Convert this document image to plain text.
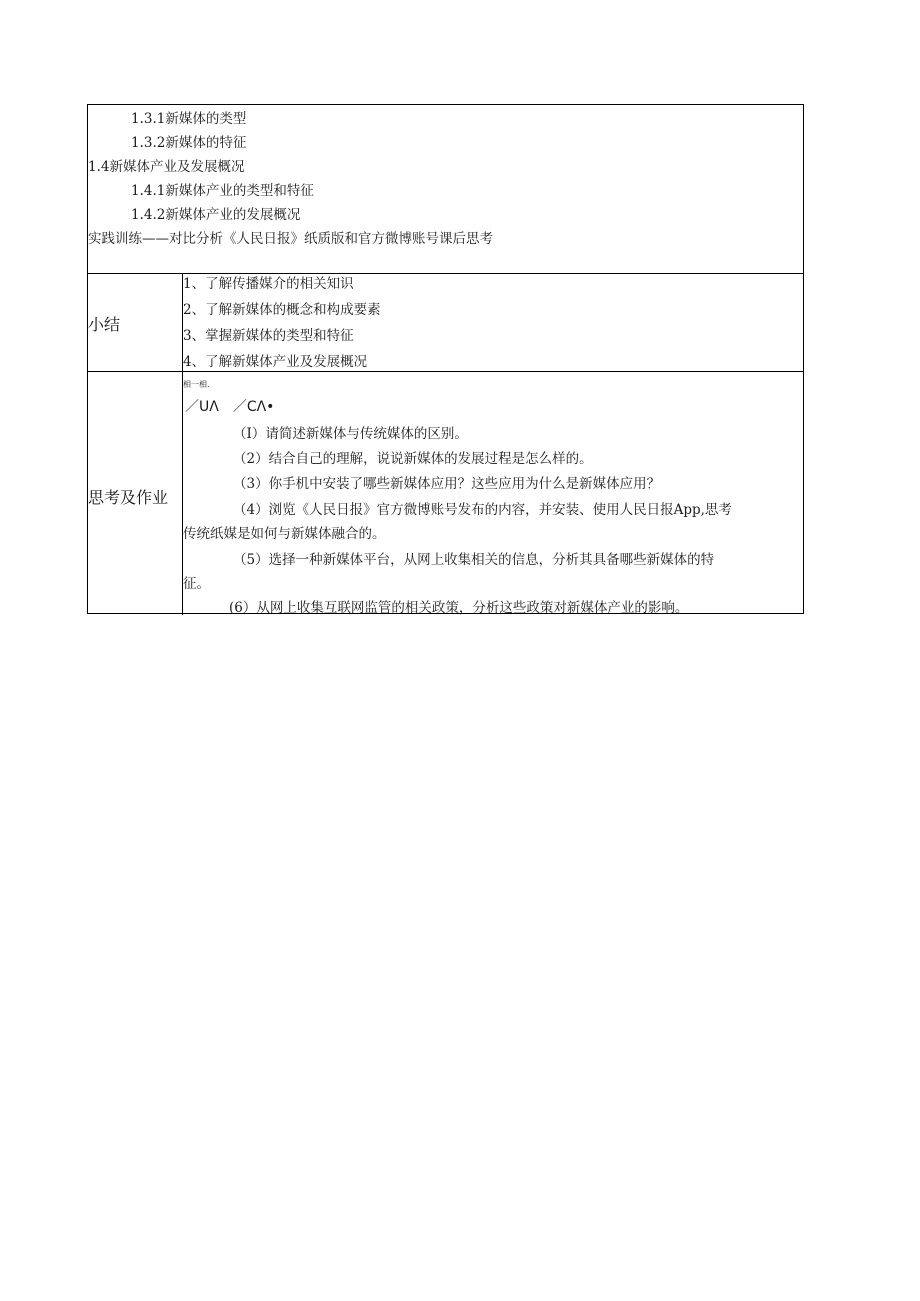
1.3.1新媒体的类型
1.3.2新媒体的特征
1.4新媒体产业及发展概况
1.4.1新媒体产业的类型和特征
1.4.2新媒体产业的发展概况
实践训练——对比分析《人民日报》纸质版和官方微博账号课后思考
小结
1、了解传播媒介的相关知识
2、了解新媒体的概念和构成要素
3、掌握新媒体的类型和特征
4、了解新媒体产业及发展概况
思考及作业
相一相.
／UΛ　／CΛ•
（I）请简述新媒体与传统媒体的区别。
（2）结合自己的理解，说说新媒体的发展过程是怎么样的。
（3）你手机中安装了哪些新媒体应用？这些应用为什么是新媒体应用？
（4）浏览《人民日报》官方微博账号发布的内容，并安装、使用人民日报App,思考
传统纸媒是如何与新媒体融合的。
（5）选择一种新媒体平台，从网上收集相关的信息，分析其具备哪些新媒体的特
征。
(6）从网上收集互联网监管的相关政策，分析这些政策对新媒体产业的影响。
